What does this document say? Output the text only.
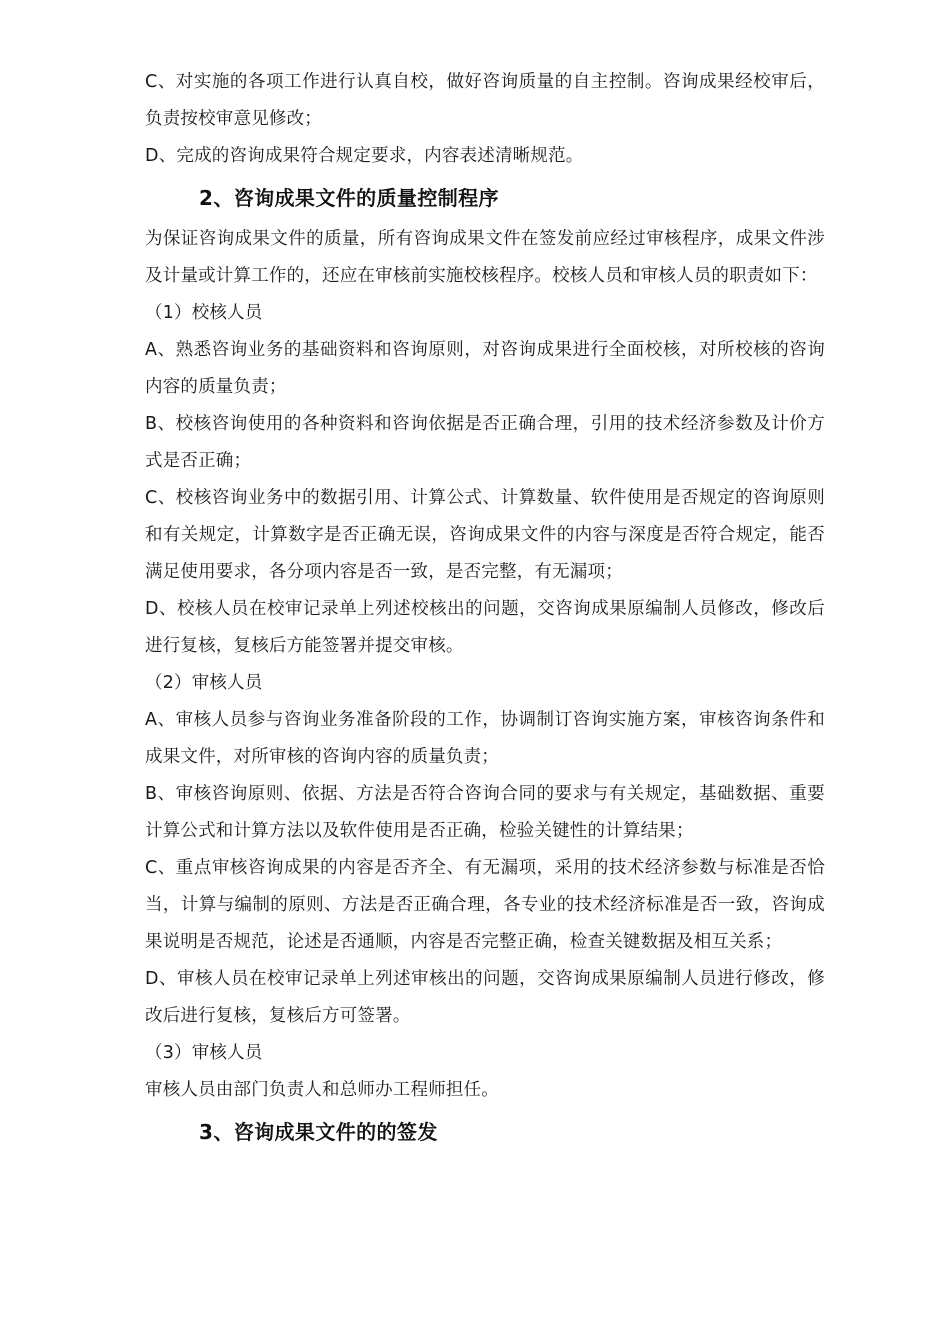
C、对实施的各项工作进行认真自校，做好咨询质量的自主控制。咨询成果经校审后，负责按校审意见修改；

D、完成的咨询成果符合规定要求，内容表述清晰规范。

2、咨询成果文件的质量控制程序

为保证咨询成果文件的质量，所有咨询成果文件在签发前应经过审核程序，成果文件涉及计量或计算工作的，还应在审核前实施校核程序。校核人员和审核人员的职责如下：

（1）校核人员

A、熟悉咨询业务的基础资料和咨询原则，对咨询成果进行全面校核，对所校核的咨询内容的质量负责；

B、校核咨询使用的各种资料和咨询依据是否正确合理，引用的技术经济参数及计价方式是否正确；

C、校核咨询业务中的数据引用、计算公式、计算数量、软件使用是否规定的咨询原则和有关规定，计算数字是否正确无误，咨询成果文件的内容与深度是否符合规定，能否满足使用要求，各分项内容是否一致，是否完整，有无漏项；

D、校核人员在校审记录单上列述校核出的问题，交咨询成果原编制人员修改，修改后进行复核，复核后方能签署并提交审核。

（2）审核人员

A、审核人员参与咨询业务准备阶段的工作，协调制订咨询实施方案，审核咨询条件和成果文件，对所审核的咨询内容的质量负责；

B、审核咨询原则、依据、方法是否符合咨询合同的要求与有关规定，基础数据、重要计算公式和计算方法以及软件使用是否正确，检验关键性的计算结果；

C、重点审核咨询成果的内容是否齐全、有无漏项，采用的技术经济参数与标准是否恰当，计算与编制的原则、方法是否正确合理，各专业的技术经济标准是否一致，咨询成果说明是否规范，论述是否通顺，内容是否完整正确，检查关键数据及相互关系；

D、审核人员在校审记录单上列述审核出的问题，交咨询成果原编制人员进行修改，修改后进行复核，复核后方可签署。

（3）审核人员

审核人员由部门负责人和总师办工程师担任。

3、咨询成果文件的的签发
